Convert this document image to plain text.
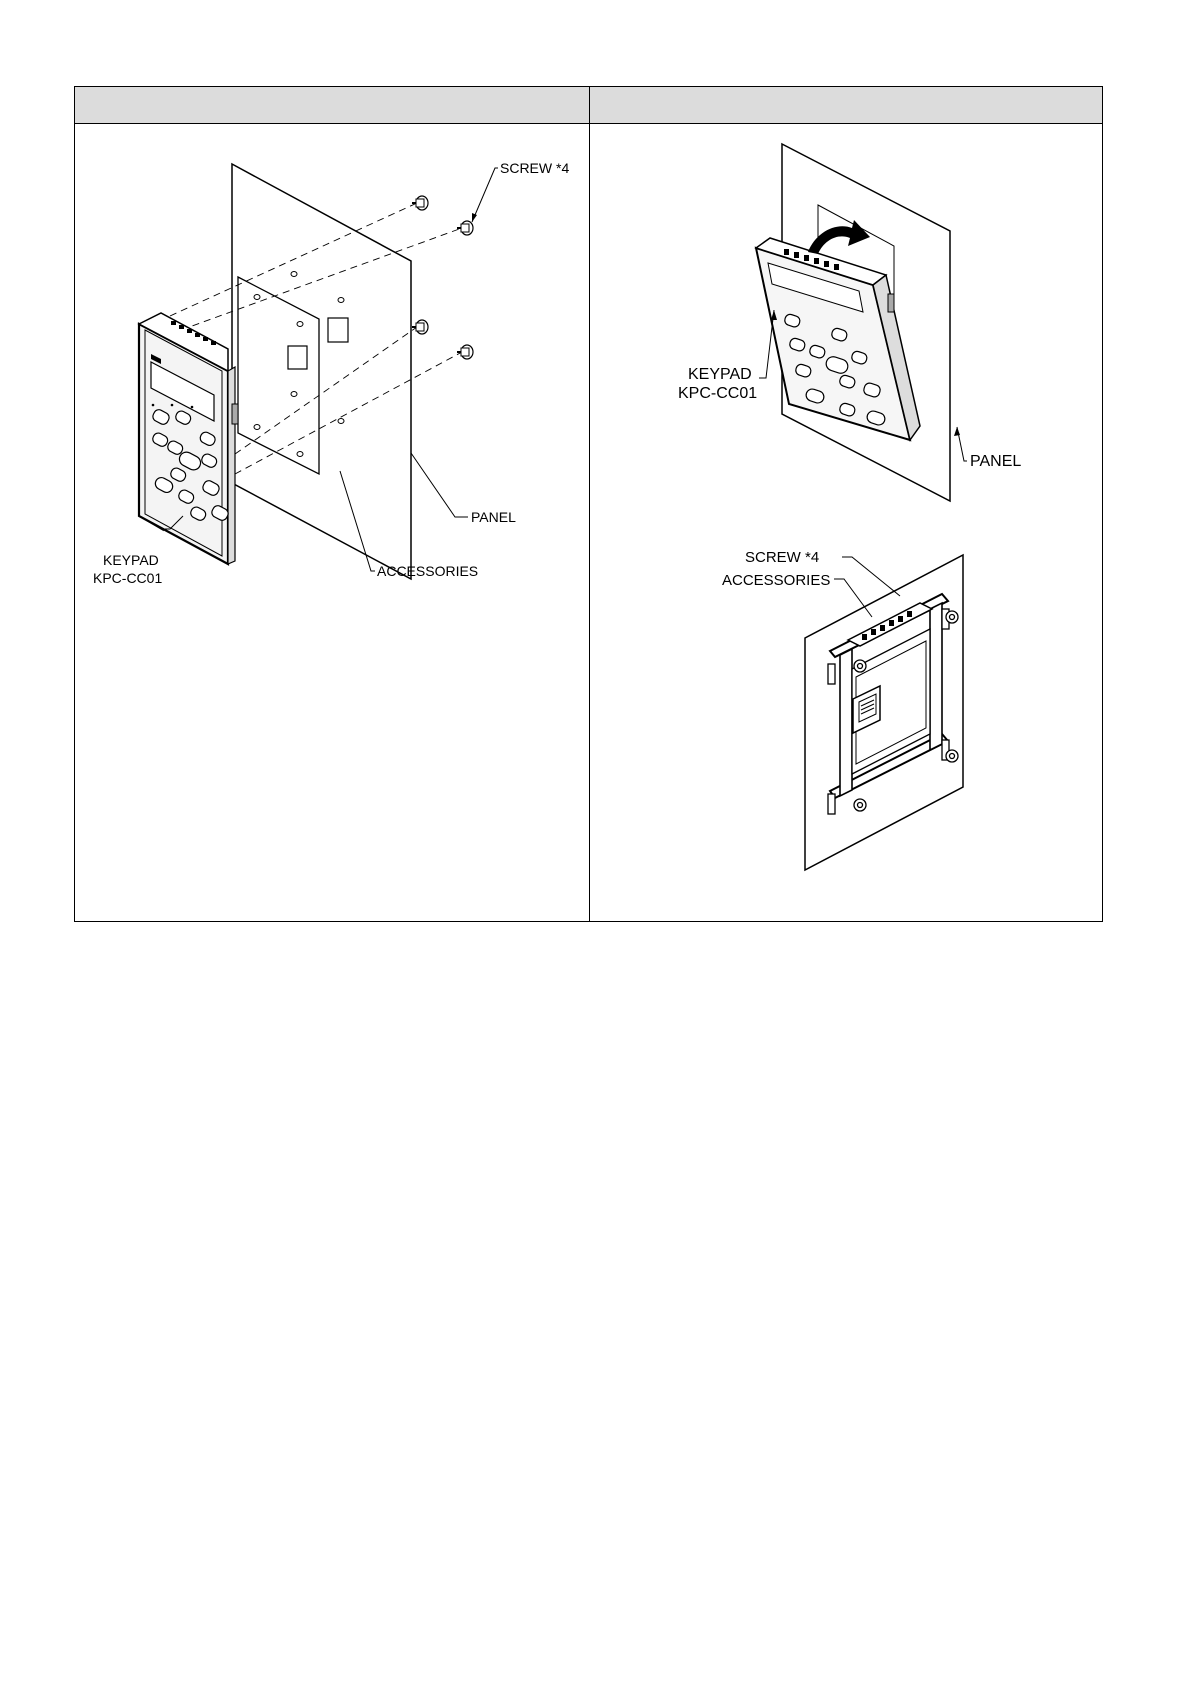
SCREW *4
PANEL
ACCESSORIES
KEYPAD
KPC-CC01
KEYPAD
KPC-CC01
PANEL
SCREW *4
ACCESSORIES
